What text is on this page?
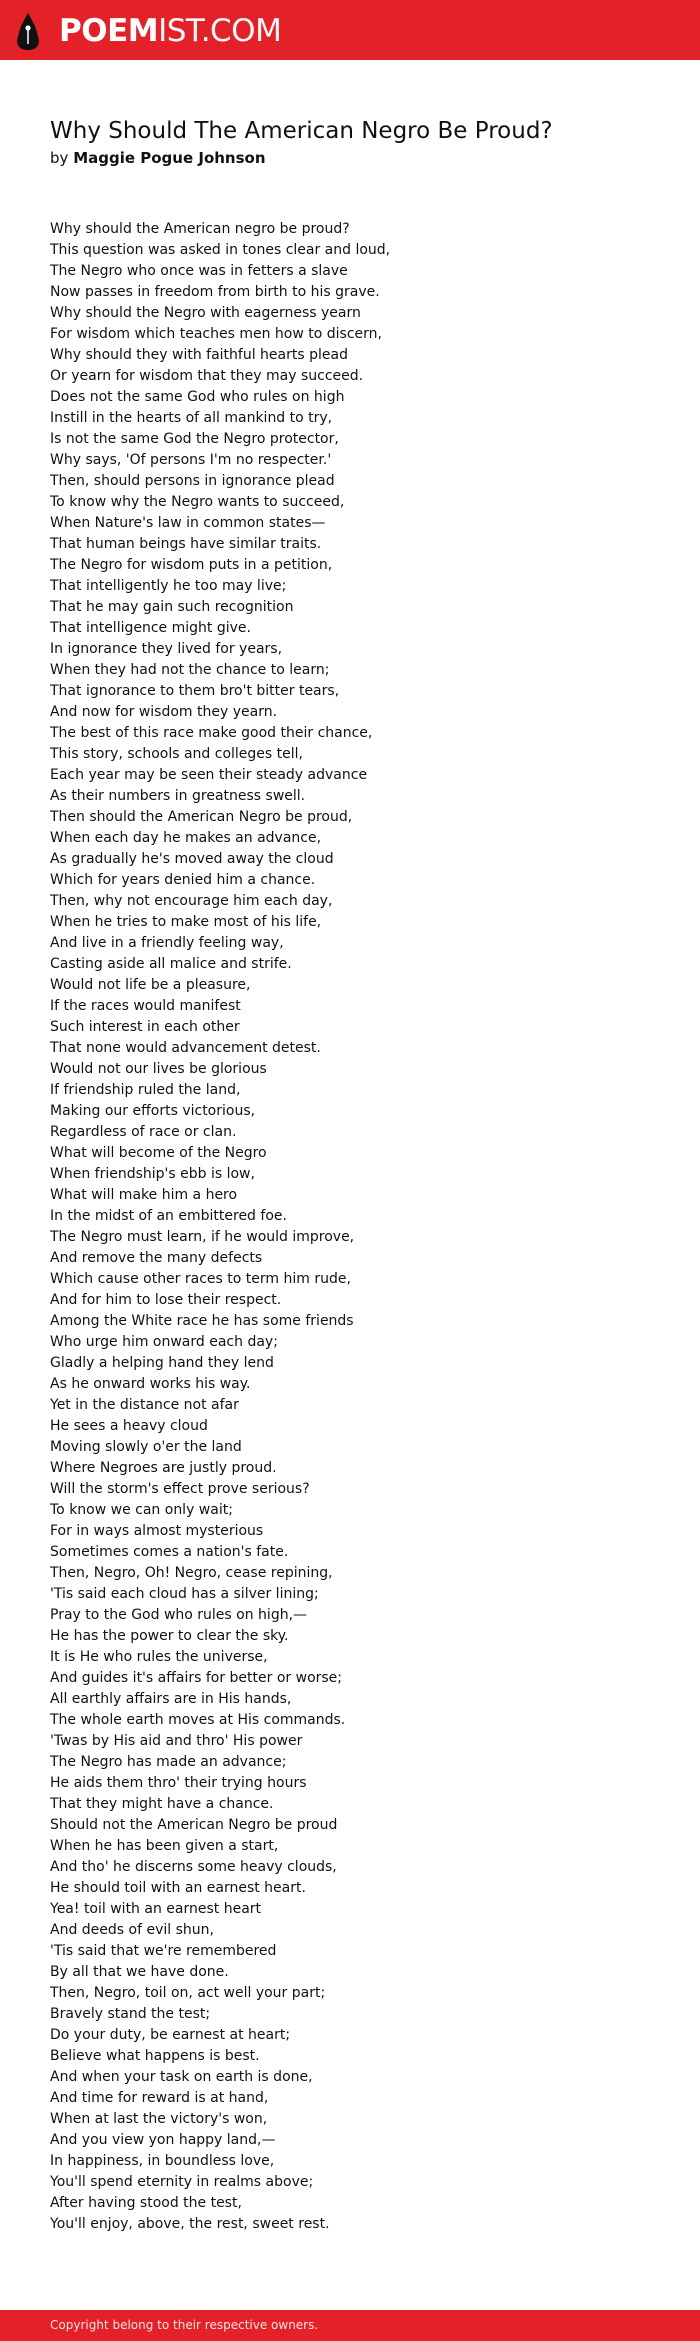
POEMIST.COM
Why Should The American Negro Be Proud?
by Maggie Pogue Johnson
Why should the American negro be proud?
This question was asked in tones clear and loud,
The Negro who once was in fetters a slave
Now passes in freedom from birth to his grave.
Why should the Negro with eagerness yearn
For wisdom which teaches men how to discern,
Why should they with faithful hearts plead
Or yearn for wisdom that they may succeed.
Does not the same God who rules on high
Instill in the hearts of all mankind to try,
Is not the same God the Negro protector,
Why says, 'Of persons I'm no respecter.'
Then, should persons in ignorance plead
To know why the Negro wants to succeed,
When Nature's law in common states—
That human beings have similar traits.
The Negro for wisdom puts in a petition,
That intelligently he too may live;
That he may gain such recognition
That intelligence might give.
In ignorance they lived for years,
When they had not the chance to learn;
That ignorance to them bro't bitter tears,
And now for wisdom they yearn.
The best of this race make good their chance,
This story, schools and colleges tell,
Each year may be seen their steady advance
As their numbers in greatness swell.
Then should the American Negro be proud,
When each day he makes an advance,
As gradually he's moved away the cloud
Which for years denied him a chance.
Then, why not encourage him each day,
When he tries to make most of his life,
And live in a friendly feeling way,
Casting aside all malice and strife.
Would not life be a pleasure,
If the races would manifest
Such interest in each other
That none would advancement detest.
Would not our lives be glorious
If friendship ruled the land,
Making our efforts victorious,
Regardless of race or clan.
What will become of the Negro
When friendship's ebb is low,
What will make him a hero
In the midst of an embittered foe.
The Negro must learn, if he would improve,
And remove the many defects
Which cause other races to term him rude,
And for him to lose their respect.
Among the White race he has some friends
Who urge him onward each day;
Gladly a helping hand they lend
As he onward works his way.
Yet in the distance not afar
He sees a heavy cloud
Moving slowly o'er the land
Where Negroes are justly proud.
Will the storm's effect prove serious?
To know we can only wait;
For in ways almost mysterious
Sometimes comes a nation's fate.
Then, Negro, Oh! Negro, cease repining,
'Tis said each cloud has a silver lining;
Pray to the God who rules on high,—
He has the power to clear the sky.
It is He who rules the universe,
And guides it's affairs for better or worse;
All earthly affairs are in His hands,
The whole earth moves at His commands.
'Twas by His aid and thro' His power
The Negro has made an advance;
He aids them thro' their trying hours
That they might have a chance.
Should not the American Negro be proud
When he has been given a start,
And tho' he discerns some heavy clouds,
He should toil with an earnest heart.
Yea! toil with an earnest heart
And deeds of evil shun,
'Tis said that we're remembered
By all that we have done.
Then, Negro, toil on, act well your part;
Bravely stand the test;
Do your duty, be earnest at heart;
Believe what happens is best.
And when your task on earth is done,
And time for reward is at hand,
When at last the victory's won,
And you view yon happy land,—
In happiness, in boundless love,
You'll spend eternity in realms above;
After having stood the test,
You'll enjoy, above, the rest, sweet rest.
Copyright belong to their respective owners.
